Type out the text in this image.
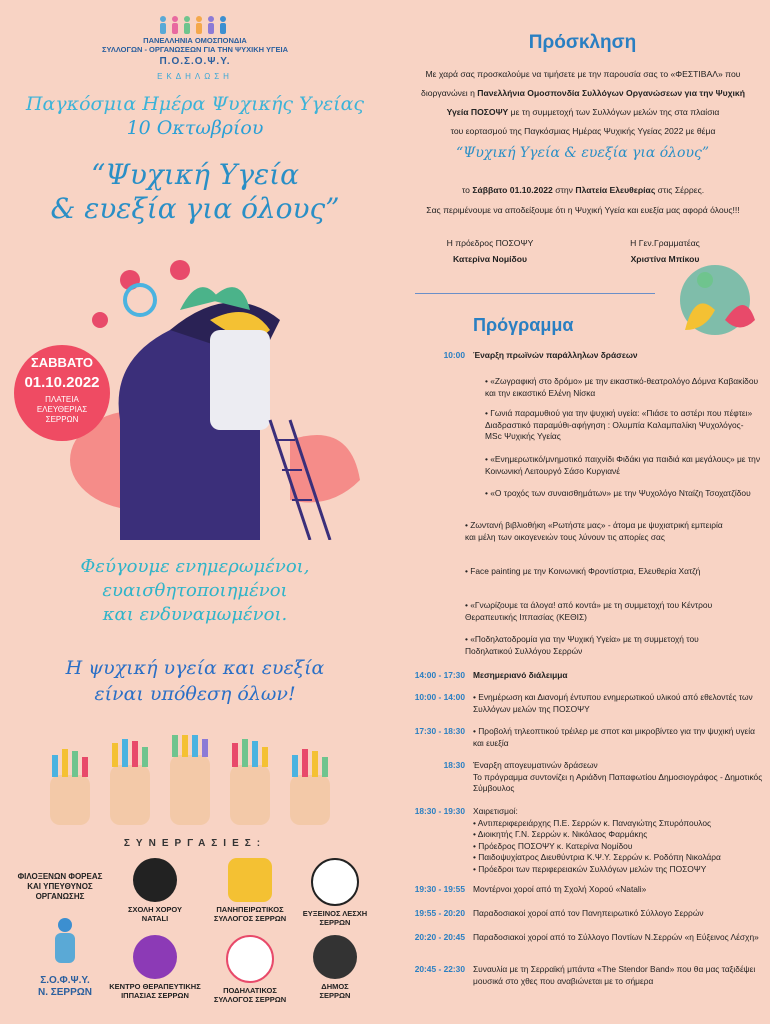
ΠΑΝΕΛΛΗΝΙΑ ΟΜΟΣΠΟΝΔΙΑ
ΣΥΛΛΟΓΩΝ - ΟΡΓΑΝΩΣΕΩΝ ΓΙΑ ΤΗΝ ΨΥΧΙΚΗ ΥΓΕΙΑ
Π.Ο.Σ.Ο.Ψ.Υ.
ΕΚΔΗΛΩΣΗ
Παγκόσμια Ημέρα Ψυχικής Υγείας
10 Οκτωβρίου
“Ψυχική Υγεία
& ευεξία για όλους”
ΣΑΒΒΑΤΟ
01.10.2022
ΠΛΑΤΕΙΑ
ΕΛΕΥΘΕΡΙΑΣ
ΣΕΡΡΩΝ
Φεύγουμε ενημερωμένοι,
ευαισθητοποιημένοι
και ενδυναμωμένοι.
Η ψυχική υγεία και ευεξία
είναι υπόθεση όλων!
ΣΥΝΕΡΓΑΣΙΕΣ:
ΦΙΛΟΞΕΝΩΝ ΦΟΡΕΑΣ
ΚΑΙ ΥΠΕΥΘΥΝΟΣ
ΟΡΓΑΝΩΣΗΣ
Σ.Ο.Φ.Ψ.Υ.
Ν. ΣΕΡΡΩΝ
ΣΧΟΛΗ ΧΟΡΟΥ
NATALI
ΠΑΝΗΠΕΙΡΩΤΙΚΟΣ
ΣΥΛΛΟΓΟΣ ΣΕΡΡΩΝ
ΕΥΞΕΙΝΟΣ ΛΕΣΧΗ
ΣΕΡΡΩΝ
ΚΕΝΤΡΟ ΘΕΡΑΠΕΥΤΙΚΗΣ
ΙΠΠΑΣΙΑΣ ΣΕΡΡΩΝ
ΠΟΔΗΛΑΤΙΚΟΣ
ΣΥΛΛΟΓΟΣ ΣΕΡΡΩΝ
ΔΗΜΟΣ
ΣΕΡΡΩΝ
Πρόσκληση
Με χαρά σας προσκαλούμε να τιμήσετε με την παρουσία σας το «ΦΕΣΤΙΒΑΛ» που
διοργανώνει η Πανελλήνια Ομοσπονδία Συλλόγων Οργανώσεων για την Ψυχική
Υγεία ΠΟΣΟΨΥ με τη συμμετοχή των Συλλόγων μελών της στα πλαίσια
του εορτασμού της Παγκόσμιας Ημέρας Ψυχικής Υγείας 2022 με θέμα
“Ψυχική Υγεία & ευεξία για όλους”
το Σάββατο 01.10.2022 στην Πλατεία Ελευθερίας στις Σέρρες.
Σας περιμένουμε να αποδείξουμε ότι η Ψυχική Υγεία και ευεξία μας αφορά όλους!!!
Η πρόεδρος ΠΟΣΟΨΥ
Κατερίνα Νομίδου
Η Γεν.Γραμματέας
Χριστίνα Μπίκου
Πρόγραμμα
10:00 Έναρξη πρωϊνών παράλληλων δράσεων
• «Ζωγραφική στο δρόμο» με την εικαστικό-θεατρολόγο Δόμνα Καβακίδου και την εικαστικό Ελένη Νίσκα
• Γωνιά παραμυθιού για την ψυχική υγεία: «Πιάσε το αστέρι που πέφτει» Διαδραστικό παραμύθι-αφήγηση : Ολυμπία Καλαμπαλίκη Ψυχολόγος- MSc Ψυχικής Υγείας
• «Ενημερωτικό/μνημοτικό παιχνίδι Φιδάκι για παιδιά και μεγάλους» με την Κοινωνική Λειτουργό Σάσο Κυργιανέ
• «Ο τροχός των συναισθημάτων» με την Ψυχολόγο Νταίζη Τσοχατζίδου
• Ζωντανή βιβλιοθήκη «Ρωτήστε μας» - άτομα με ψυχιατρική εμπειρία και μέλη των οικογενειών τους λύνουν τις απορίες σας
• Face painting με την Κοινωνική Φροντίστρια, Ελευθερία Χατζή
• «Γνωρίζουμε τα άλογα! από κοντά» με τη συμμετοχή του Κέντρου Θεραπευτικής Ιππασίας (ΚΕΘΙΣ)
• «Ποδηλατοδρομία για την Ψυχική Υγεία» με τη συμμετοχή του Ποδηλατικού Συλλόγου Σερρών
14:00 - 17:30 Μεσημεριανό διάλειμμα
10:00 - 14:00 • Ενημέρωση και Διανομή έντυπου ενημερωτικού υλικού από εθελοντές των Συλλόγων μελών της ΠΟΣΟΨΥ
17:30 - 18:30 • Προβολή τηλεοπτικού τρέιλερ με σποτ και μικροβίντεο για την ψυχική υγεία και ευεξία
18:30 Έναρξη απογευματινών δράσεων
Το πρόγραμμα συντονίζει η Αριάδνη Παπαφωτίου Δημοσιογράφος - Δημοτικός Σύμβουλος
18:30 - 19:30 Χαιρετισμοί:
• Αντιπεριφερειάρχης Π.Ε. Σερρών κ. Παναγιώτης Σπυρόπουλος
• Διοικητής Γ.Ν. Σερρών κ. Νικόλαος Φαρμάκης
• Πρόεδρος ΠΟΣΟΨΥ κ. Κατερίνα Νομίδου
• Παιδοψυχίατρος Διευθύντρια Κ.Ψ.Υ. Σερρών κ. Ροδόπη Νικολάρα
• Πρόεδροι των περιφερειακών Συλλόγων μελών της ΠΟΣΟΨΥ
19:30 - 19:55 Μοντέρνοι χοροί από τη Σχολή Χορού «Natali»
19:55 - 20:20 Παραδοσιακοί χοροί από τον Πανηπειρωτικό Σύλλογο Σερρών
20:20 - 20:45 Παραδοσιακοί χοροί από το Σύλλογο Ποντίων Ν.Σερρών «η Εύξεινος Λέσχη»
20:45 - 22:30 Συναυλία με τη Σερραϊκή μπάντα «The Stendor Band» που θα μας ταξιδέψει μουσικά στο χθες που αναβιώνεται με το σήμερα
